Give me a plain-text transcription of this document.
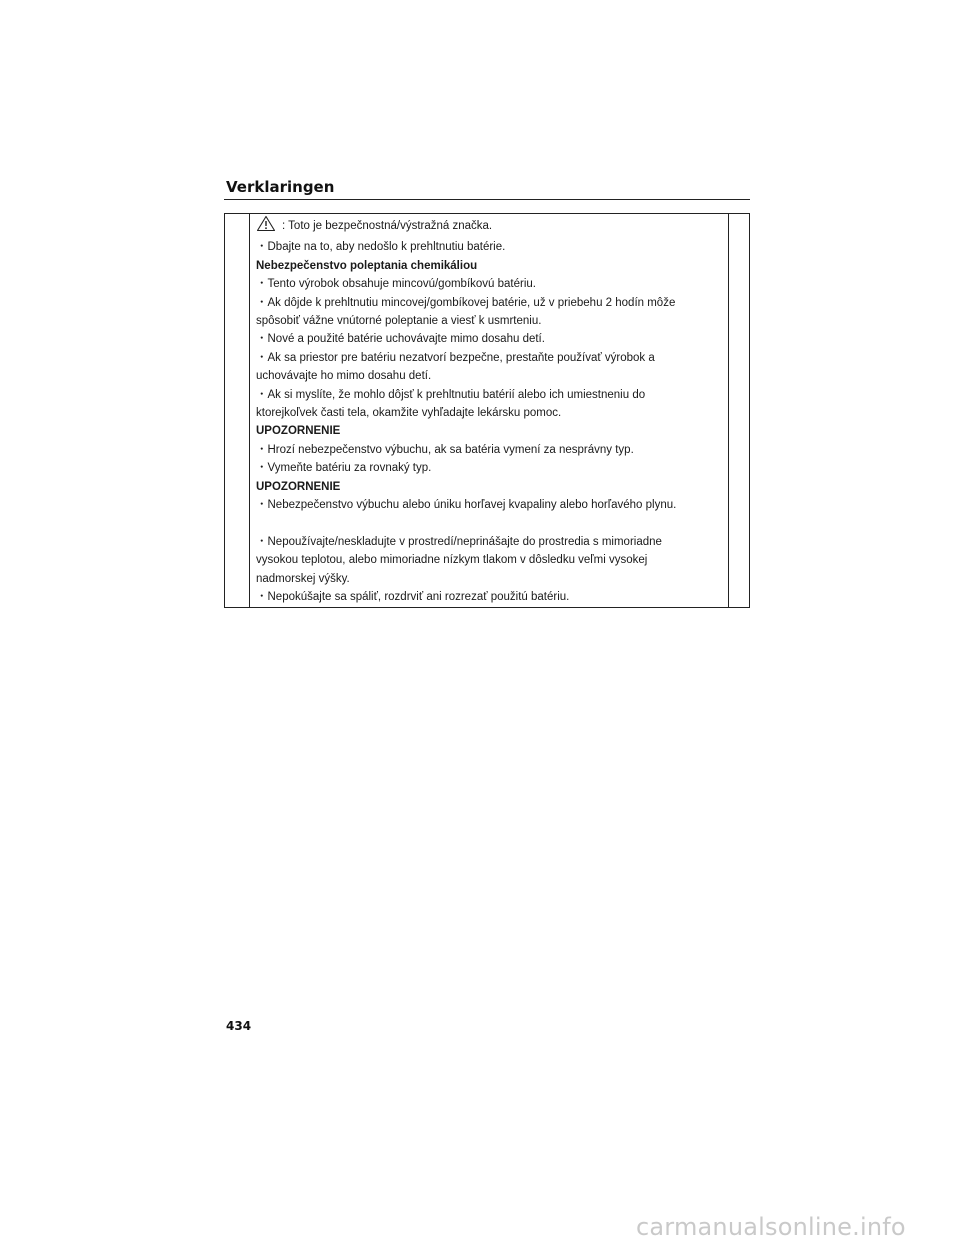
Verklaringen
: Toto je bezpečnostná/výstražná značka.
・Dbajte na to, aby nedošlo k prehltnutiu batérie.
Nebezpečenstvo poleptania chemikáliou
・Tento výrobok obsahuje mincovú/gombíkovú batériu.
・Ak dôjde k prehltnutiu mincovej/gombíkovej batérie, už v priebehu 2 hodín môže
spôsobiť vážne vnútorné poleptanie a viesť k usmrteniu.
・Nové a použité batérie uchovávajte mimo dosahu detí.
・Ak sa priestor pre batériu nezatvorí bezpečne, prestaňte používať výrobok a
uchovávajte ho mimo dosahu detí.
・Ak si myslíte, že mohlo dôjsť k prehltnutiu batérií alebo ich umiestneniu do
ktorejkoľvek časti tela, okamžite vyhľadajte lekársku pomoc.
UPOZORNENIE
・Hrozí nebezpečenstvo výbuchu, ak sa batéria vymení za nesprávny typ.
・Vymeňte batériu za rovnaký typ.
UPOZORNENIE
・Nebezpečenstvo výbuchu alebo úniku horľavej kvapaliny alebo horľavého plynu.
・Nepoužívajte/neskladujte v prostredí/neprinášajte do prostredia s mimoriadne
vysokou teplotou, alebo mimoriadne nízkym tlakom v dôsledku veľmi vysokej
nadmorskej výšky.
・Nepokúšajte sa spáliť, rozdrviť ani rozrezať použitú batériu.
434
carmanualsonline.info
